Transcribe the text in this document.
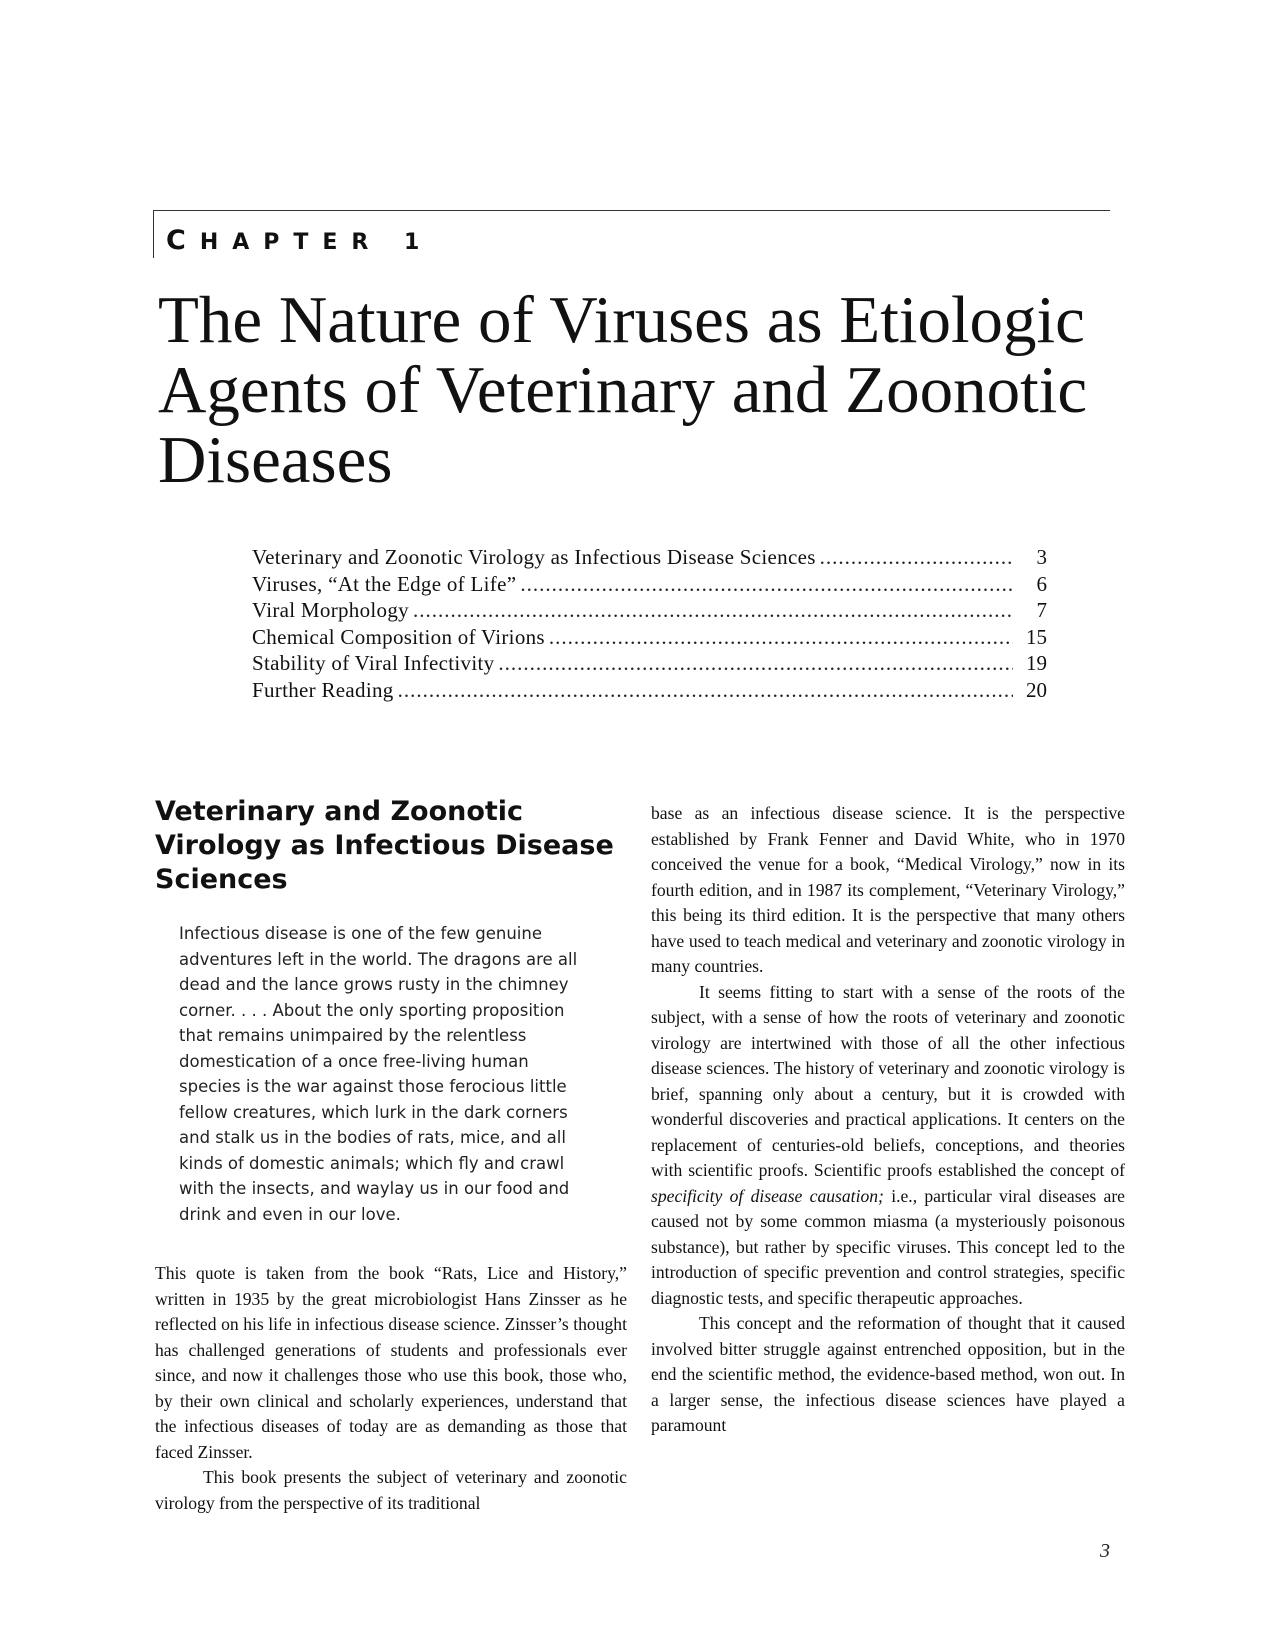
CHAPTER 1
The Nature of Viruses as Etiologic Agents of Veterinary and Zoonotic Diseases
Veterinary and Zoonotic Virology as Infectious Disease Sciences .....	3
Viruses, “At the Edge of Life” .....	6
Viral Morphology .....	7
Chemical Composition of Virions .....	15
Stability of Viral Infectivity .....	19
Further Reading .....	20
Veterinary and Zoonotic Virology as Infectious Disease Sciences

Infectious disease is one of the few genuine adventures left in the world. The dragons are all dead and the lance grows rusty in the chimney corner. . . . About the only sporting proposition that remains unimpaired by the relentless domestication of a once free-living human species is the war against those ferocious little fellow creatures, which lurk in the dark corners and stalk us in the bodies of rats, mice, and all kinds of domestic animals; which fly and crawl with the insects, and waylay us in our food and drink and even in our love.

This quote is taken from the book “Rats, Lice and History,” written in 1935 by the great microbiologist Hans Zinsser as he reflected on his life in infectious disease science. Zinsser’s thought has challenged generations of students and professionals ever since, and now it challenges those who use this book, those who, by their own clinical and scholarly experiences, understand that the infectious diseases of today are as demanding as those that faced Zinsser.

This book presents the subject of veterinary and zoonotic virology from the perspective of its traditional

base as an infectious disease science. It is the perspective established by Frank Fenner and David White, who in 1970 conceived the venue for a book, “Medical Virology,” now in its fourth edition, and in 1987 its complement, “Veterinary Virology,” this being its third edition. It is the perspective that many others have used to teach medical and veterinary and zoonotic virology in many countries.

It seems fitting to start with a sense of the roots of the subject, with a sense of how the roots of veterinary and zoonotic virology are intertwined with those of all the other infectious disease sciences. The history of veterinary and zoonotic virology is brief, spanning only about a century, but it is crowded with wonderful discoveries and practical applications. It centers on the replacement of centuries-old beliefs, conceptions, and theories with scientific proofs. Scientific proofs established the concept of specificity of disease causation; i.e., particular viral diseases are caused not by some common miasma (a mysteriously poisonous substance), but rather by specific viruses. This concept led to the introduction of specific prevention and control strategies, specific diagnostic tests, and specific therapeutic approaches.

This concept and the reformation of thought that it caused involved bitter struggle against entrenched opposition, but in the end the scientific method, the evidence-based method, won out. In a larger sense, the infectious disease sciences have played a paramount

3
